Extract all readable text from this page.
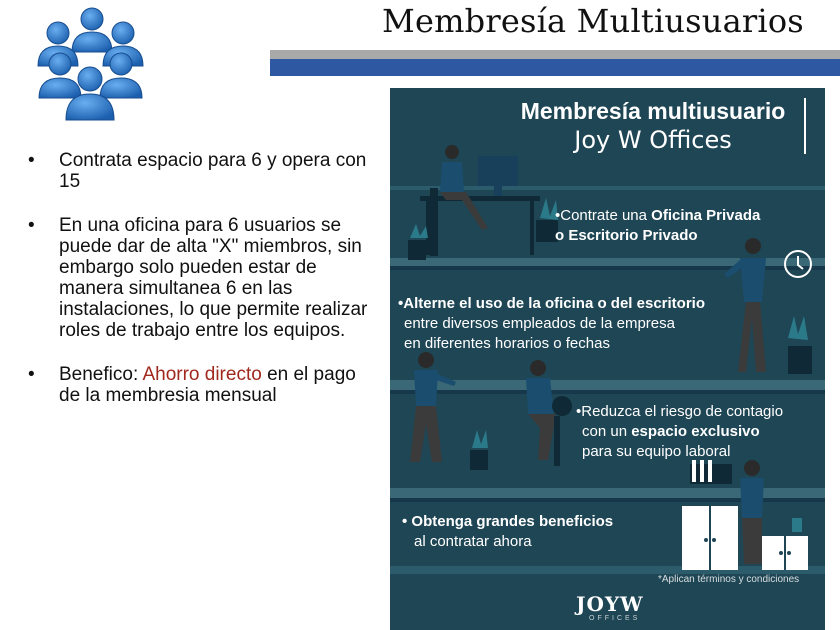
Membresía Multiusuarios
• Contrata espacio para 6 y opera con 15
• En una oficina para 6 usuarios se puede dar de alta "X" miembros, sin embargo solo pueden estar de manera simultanea 6 en las instalaciones, lo que permite realizar roles de trabajo entre los equipos.
• Benefico: Ahorro directo en el pago de la membresia mensual
Membresía multiusuario
Joy W Offices
•Contrate una Oficina Privada
o Escritorio Privado
•Alterne el uso de la oficina o del escritorio
entre diversos empleados de la empresa
en diferentes horarios o fechas
•Reduzca el riesgo de contagio
con un espacio exclusivo
para su equipo laboral
• Obtenga grandes beneficios
al contratar ahora
*Aplican términos y condiciones
JOYW
OFFICES
